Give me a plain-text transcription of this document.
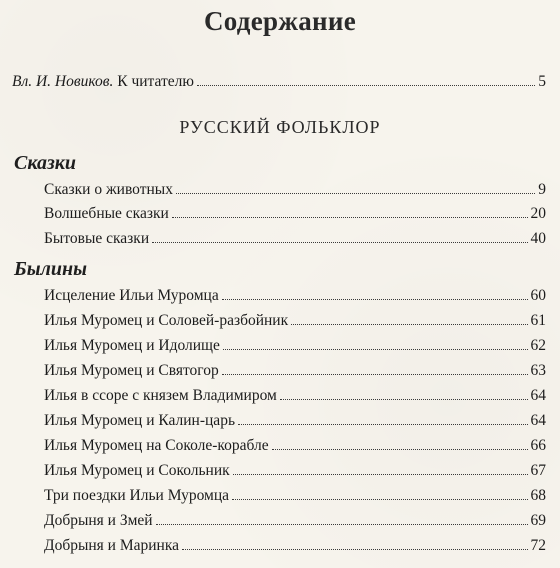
Содержание
Вл. И. Новиков. К читателю	5
РУССКИЙ ФОЛЬКЛОР
Сказки
Сказки о животных	9
Волшебные сказки	20
Бытовые сказки	40
Былины
Исцеление Ильи Муромца	60
Илья Муромец и Соловей-разбойник	61
Илья Муромец и Идолище	62
Илья Муромец и Святогор	63
Илья в ссоре с князем Владимиром	64
Илья Муромец и Калин-царь	64
Илья Муромец на Соколе-корабле	66
Илья Муромец и Сокольник	67
Три поездки Ильи Муромца	68
Добрыня и Змей	69
Добрыня и Маринка	72
